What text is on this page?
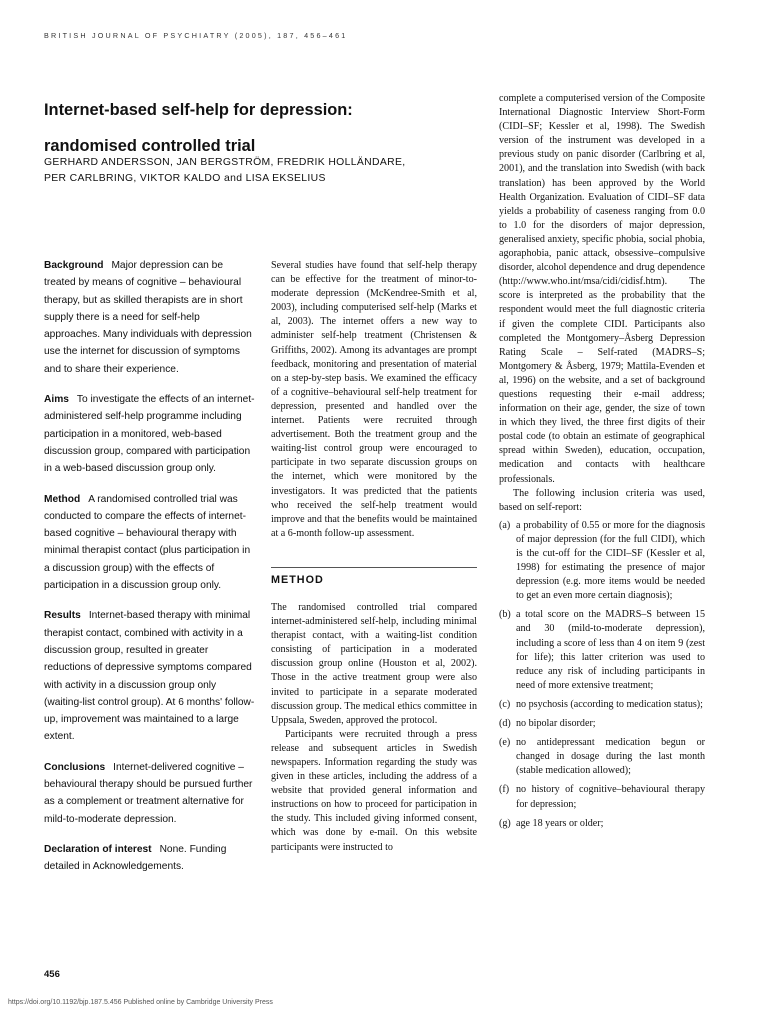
BRITISH JOURNAL OF PSYCHIATRY (2005), 187, 456–461
Internet-based self-help for depression:
randomised controlled trial
GERHARD ANDERSSON, JAN BERGSTRÖM, FREDRIK HOLLÄNDARE,
PER CARLBRING, VIKTOR KALDO and LISA EKSELIUS

Background Major depression can be treated by means of cognitive – behavioural therapy, but as skilled therapists are in short supply there is a need for self-help approaches. Many individuals with depression use the internet for discussion of symptoms and to share their experience.

Aims To investigate the effects of an internet-administered self-help programme including participation in a monitored, web-based discussion group, compared with participation in a web-based discussion group only.

Method A randomised controlled trial was conducted to compare the effects of internet-based cognitive – behavioural therapy with minimal therapist contact (plus participation in a discussion group) with the effects of participation in a discussion group only.

Results Internet-based therapy with minimal therapist contact, combined with activity in a discussion group, resulted in greater reductions of depressive symptoms compared with activity in a discussion group only (waiting-list control group). At 6 months' follow-up, improvement was maintained to a large extent.

Conclusions Internet-delivered cognitive – behavioural therapy should be pursued further as a complement or treatment alternative for mild-to-moderate depression.

Declaration of interest None. Funding detailed in Acknowledgements.

Several studies have found that self-help therapy can be effective for the treatment of minor-to-moderate depression (McKendree-Smith et al, 2003), including computerised self-help (Marks et al, 2003). The internet offers a new way to administer self-help treatment (Christensen & Griffiths, 2002). Among its advantages are prompt feedback, monitoring and presentation of material on a step-by-step basis. We examined the efficacy of a cognitive–behavioural self-help treatment for depression, presented and handled over the internet. Patients were recruited through advertisement. Both the treatment group and the waiting-list control group were encouraged to participate in two separate discussion groups on the internet, which were monitored by the investigators. It was predicted that the patients who received the self-help treatment would improve and that the benefits would be maintained at a 6-month follow-up assessment.

METHOD

The randomised controlled trial compared internet-administered self-help, including minimal therapist contact, with a waiting-list condition consisting of participation in a moderated discussion group online (Houston et al, 2002). Those in the active treatment group were also invited to participate in a separate moderated discussion group. The medical ethics committee in Uppsala, Sweden, approved the protocol.

Participants were recruited through a press release and subsequent articles in Swedish newspapers. Information regarding the study was given in these articles, including the address of a website that provided general information and instructions on how to proceed for participation in the study. This included giving informed consent, which was done by e-mail. On this website participants were instructed to

complete a computerised version of the Composite International Diagnostic Interview Short-Form (CIDI–SF; Kessler et al, 1998). The Swedish version of the instrument was developed in a previous study on panic disorder (Carlbring et al, 2001), and the translation into Swedish (with back translation) has been approved by the World Health Organization. Evaluation of CIDI–SF data yields a probability of caseness ranging from 0.0 to 1.0 for the disorders of major depression, generalised anxiety, specific phobia, social phobia, agoraphobia, panic attack, obsessive–compulsive disorder, alcohol dependence and drug dependence (http://www.who.int/msa/cidi/cidisf.htm). The score is interpreted as the probability that the respondent would meet the full diagnostic criteria if given the complete CIDI. Participants also completed the Montgomery–Åsberg Depression Rating Scale – Self-rated (MADRS–S; Montgomery & Åsberg, 1979; Mattila-Evenden et al, 1996) on the website, and a set of background questions requesting their e-mail address; information on their age, gender, the size of town in which they lived, the three first digits of their postal code (to obtain an estimate of geographical spread within Sweden), education, occupation, medication and contacts with healthcare professionals.

The following inclusion criteria was used, based on self-report:

(a) a probability of 0.55 or more for the diagnosis of major depression (for the full CIDI), which is the cut-off for the CIDI–SF (Kessler et al, 1998) for estimating the presence of major depression (e.g. more items would be needed to get an even more certain diagnosis);
(b) a total score on the MADRS–S between 15 and 30 (mild-to-moderate depression), including a score of less than 4 on item 9 (zest for life); this latter criterion was used to reduce any risk of including participants in need of more extensive treatment;
(c) no psychosis (according to medication status);
(d) no bipolar disorder;
(e) no antidepressant medication begun or changed in dosage during the last month (stable medication allowed);
(f) no history of cognitive–behavioural therapy for depression;
(g) age 18 years or older;
456
https://doi.org/10.1192/bjp.187.5.456 Published online by Cambridge University Press
